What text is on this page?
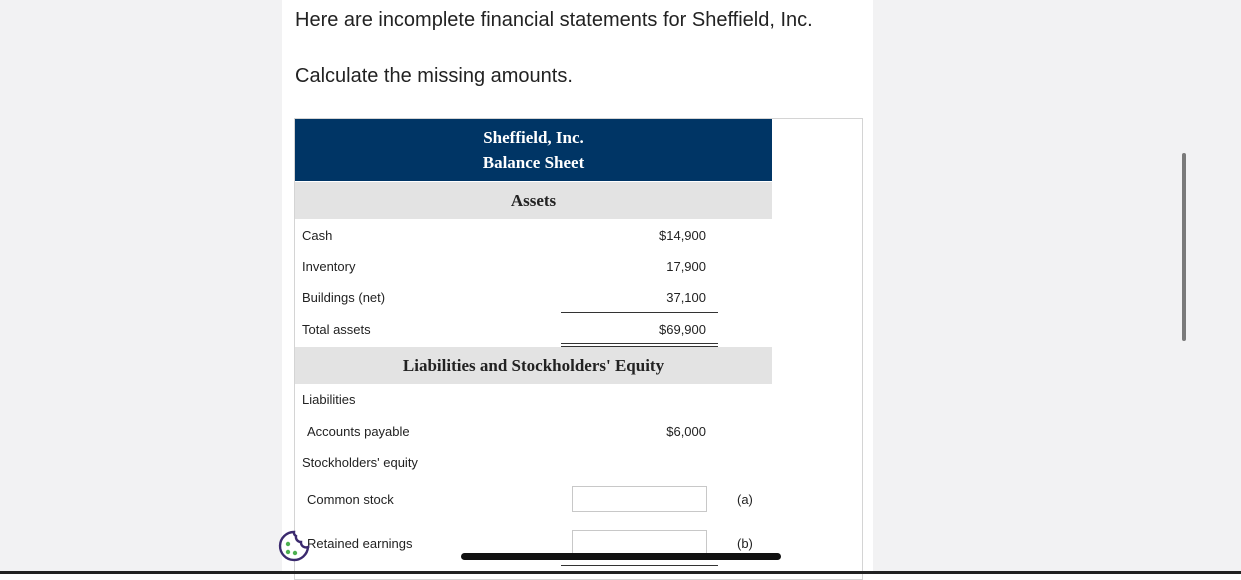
Here are incomplete financial statements for Sheffield, Inc.
Calculate the missing amounts.
Sheffield, Inc.
Balance Sheet
Assets
Cash	$14,900
Inventory	17,900
Buildings (net)	37,100
Total assets	$69,900
Liabilities and Stockholders' Equity
Liabilities
Accounts payable	$6,000
Stockholders' equity
Common stock	(a)
Retained earnings	(b)
